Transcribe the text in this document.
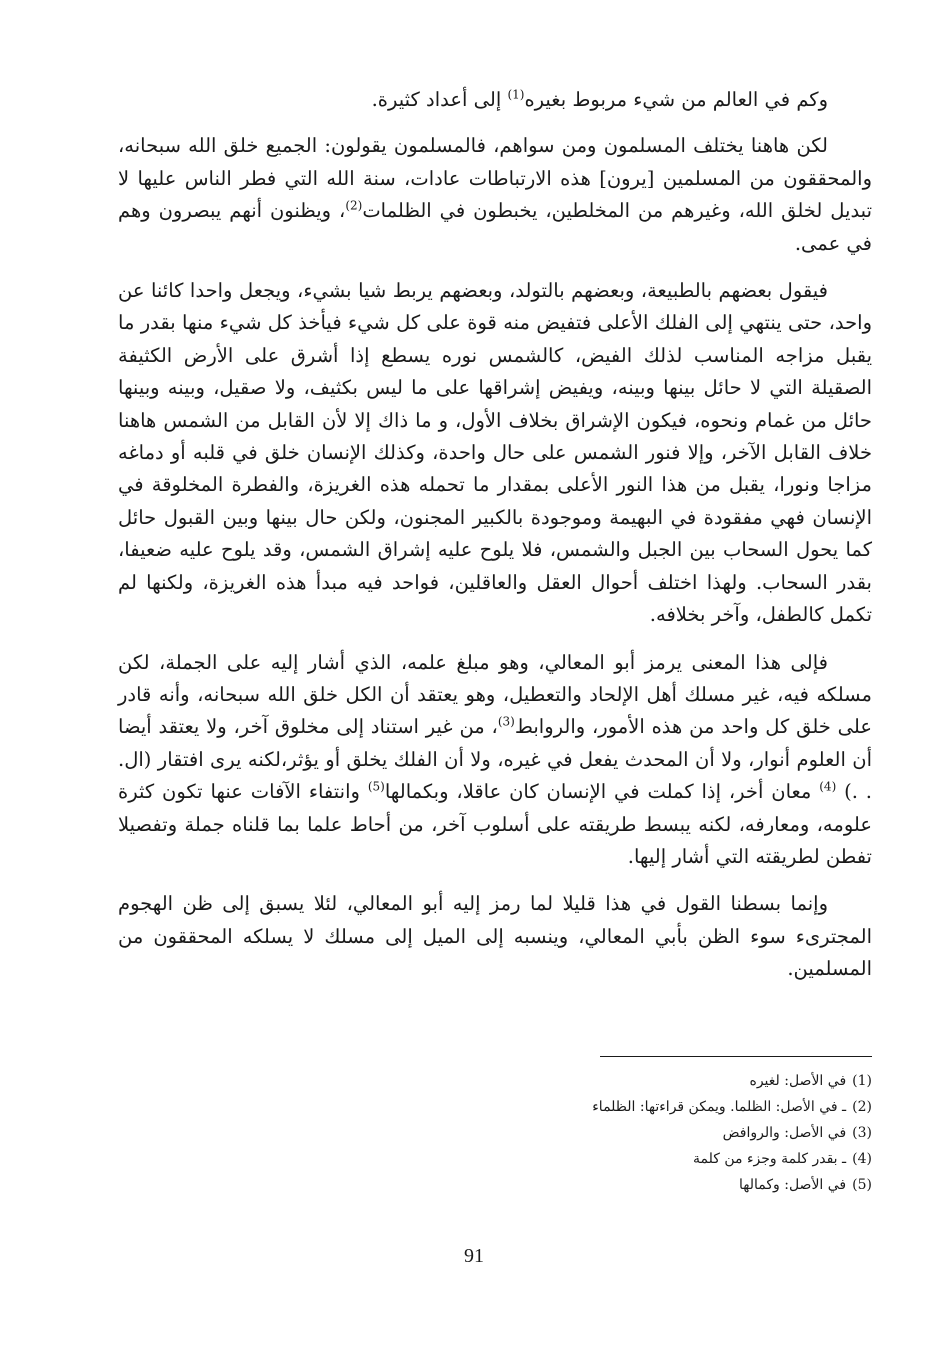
وكم في العالم من شيء مربوط بغيره$^{(1)}$ إلى أعداد كثيرة.

لكن هاهنا يختلف المسلمون ومن سواهم، فالمسلمون يقولون: الجميع خلق الله سبحانه، والمحققون من المسلمين [يرون] هذه الارتباطات عادات، سنة الله التي فطر الناس عليها لا تبديل لخلق الله، وغيرهم من المخلطين، يخبطون في الظلمات$^{(2)}$، ويظنون أنهم يبصرون وهم في عمى.

فيقول بعضهم بالطبيعة، وبعضهم بالتولد، وبعضهم يربط شيا بشيء، ويجعل واحدا كائنا عن واحد، حتى ينتهي إلى الفلك الأعلى فتفيض منه قوة على كل شيء فيأخذ كل شيء منها بقدر ما يقبل مزاجه المناسب لذلك الفيض، كالشمس نوره يسطع إذا أشرق على الأرض الكثيفة الصقيلة التي لا حائل بينها وبينه، ويفيض إشراقها على ما ليس بكثيف، ولا صقيل، وبينه وبينها حائل من غمام ونحوه، فيكون الإشراق بخلاف الأول، و ما ذاك إلا لأن القابل من الشمس هاهنا خلاف القابل الآخر، وإلا فنور الشمس على حال واحدة، وكذلك الإنسان خلق في قلبه أو دماغه مزاجا ونورا، يقبل من هذا النور الأعلى بمقدار ما تحمله هذه الغريزة، والفطرة المخلوقة في الإنسان فهي مفقودة في البهيمة وموجودة بالكبير المجنون، ولكن حال بينها وبين القبول حائل كما يحول السحاب بين الجبل والشمس، فلا يلوح عليه إشراق الشمس، وقد يلوح عليه ضعيفا، بقدر السحاب. ولهذا اختلف أحوال العقل والعاقلين، فواحد فيه مبدأ هذه الغريزة، ولكنها لم تكمل كالطفل، وآخر بخلافه.

فإلى هذا المعنى يرمز أبو المعالي، وهو مبلغ علمه، الذي أشار إليه على الجملة، لكن مسلكه فيه، غير مسلك أهل الإلحاد والتعطيل، وهو يعتقد أن الكل خلق الله سبحانه، وأنه قادر على خلق كل واحد من هذه الأمور، والروابط$^{(3)}$، من غير استناد إلى مخلوق آخر، ولا يعتقد أيضا أن العلوم أنوار، ولا أن المحدث يفعل في غيره، ولا أن الفلك يخلق أو يؤثر،لكنه يرى افتقار (ال. . .) $^{(4)}$ معان أخر، إذا كملت في الإنسان كان عاقلا، وبكمالها$^{(5)}$ وانتفاء الآفات عنها تكون كثرة علومه، ومعارفه، لكنه يبسط طريقته على أسلوب آخر، من أحاط علما بما قلناه جملة وتفصيلا تفطن لطريقته التي أشار إليها.

وإنما بسطنا القول في هذا قليلا لما رمز إليه أبو المعالي، لئلا يسبق إلى ظن الهجوم المجترىء سوء الظن بأبي المعالي، وينسبه إلى الميل إلى مسلك لا يسلكه المحققون من المسلمين.

(1)في الأصل: لغيره

(2)ـ في الأصل: الظلما. ويمكن قراءتها: الظلماء

(3)في الأصل: والروافض

(4)ـ بقدر كلمة وجزء من كلمة

(5)في الأصل: وكمالها

91
